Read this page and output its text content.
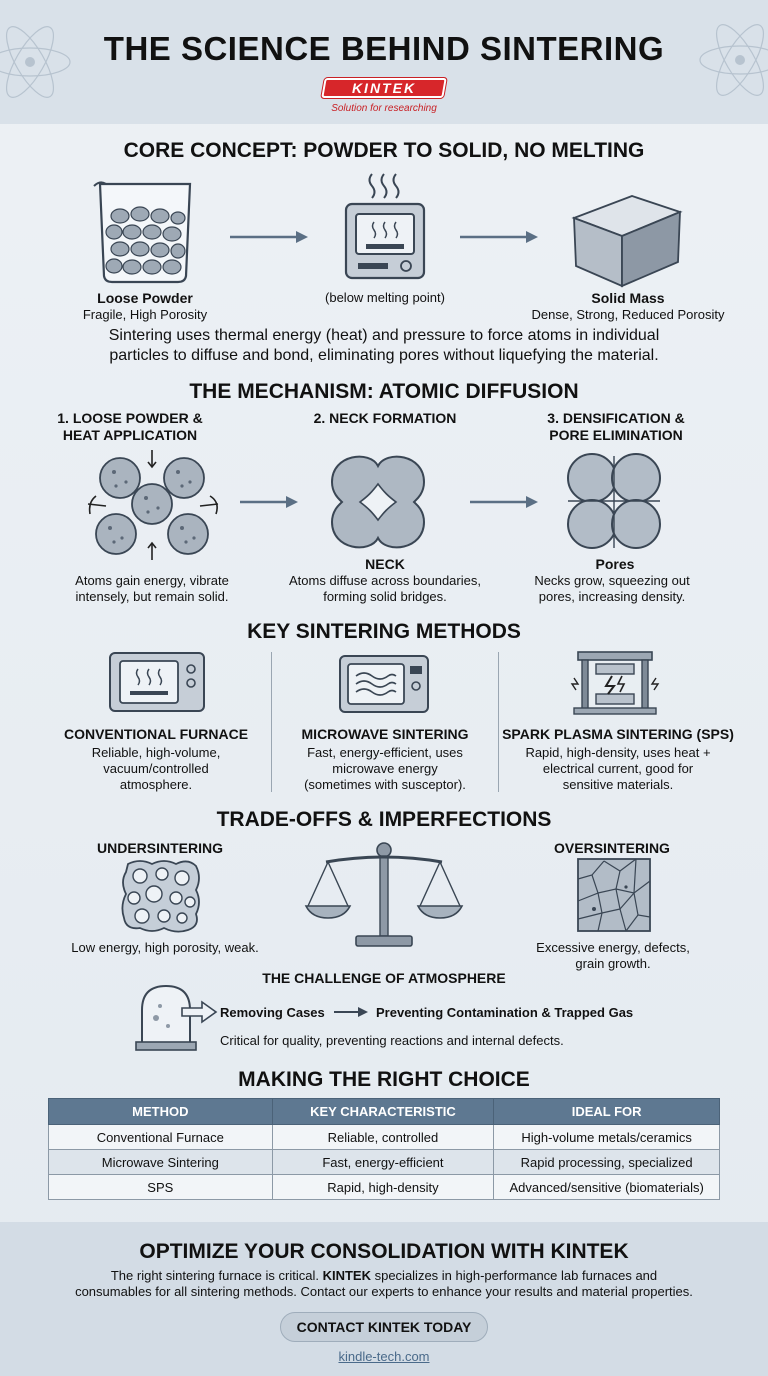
THE SCIENCE BEHIND SINTERING
KINTEK
Solution for researching
CORE CONCEPT: POWDER TO SOLID, NO MELTING
Loose Powder
Fragile, High Porosity
(below melting point)	Solid Mass
Dense, Strong, Reduced Porosity
Sintering uses thermal energy (heat) and pressure to force atoms in individual
particles to diffuse and bond, eliminating pores without liquefying the material.
THE MECHANISM: ATOMIC DIFFUSION
1. LOOSE POWDER &
HEAT APPLICATION
2. NECK FORMATION	3. DENSIFICATION &
PORE ELIMINATION
NECK	Pores
Atoms gain energy, vibrate
intensely, but remain solid.
Atoms diffuse across boundaries,
forming solid bridges.
Necks grow, squeezing out
pores, increasing density.
KEY SINTERING METHODS
CONVENTIONAL FURNACE
Reliable, high-volume,
vacuum/controlled
atmosphere.
MICROWAVE SINTERING
Fast, energy-efficient, uses
microwave energy
(sometimes with susceptor).
SPARK PLASMA SINTERING (SPS)
Rapid, high-density, uses heat +
electrical current, good for
sensitive materials.
TRADE-OFFS & IMPERFECTIONS
UNDERSINTERING	OVERSINTERING
Low energy, high porosity, weak.	Excessive energy, defects,
grain growth.
THE CHALLENGE OF ATMOSPHERE
Removing Cases	Preventing Contamination & Trapped Gas
Critical for quality, preventing reactions and internal defects.
MAKING THE RIGHT CHOICE
METHOD	KEY CHARACTERISTIC	IDEAL FOR
Conventional Furnace	Reliable, controlled	High-volume metals/ceramics
Microwave Sintering	Fast, energy-efficient	Rapid processing, specialized
SPS	Rapid, high-density	Advanced/sensitive (biomaterials)
OPTIMIZE YOUR CONSOLIDATION WITH KINTEK
The right sintering furnace is critical. KINTEK specializes in high-performance lab furnaces and
consumables for all sintering methods. Contact our experts to enhance your results and material properties.
CONTACT KINTEK TODAY
kindle-tech.com
